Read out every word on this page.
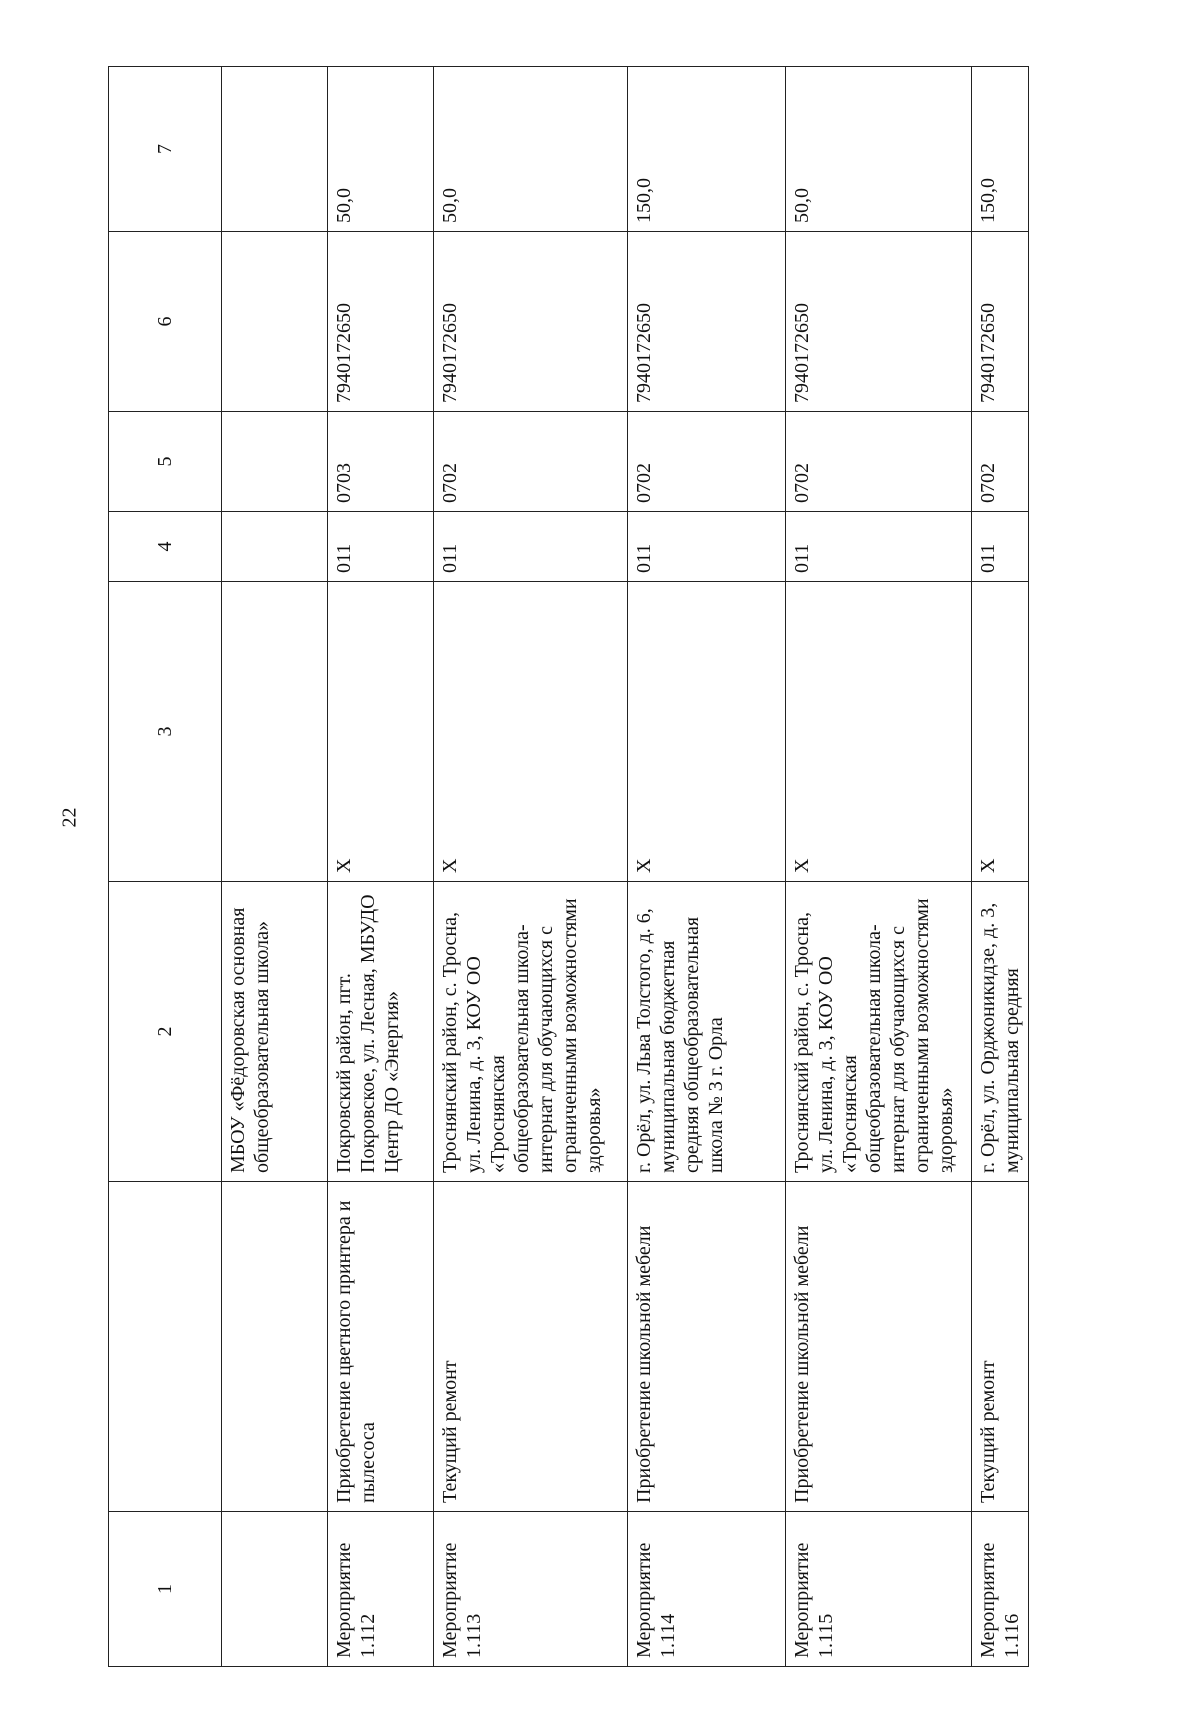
22
1		2	3	4	5	6	7
		МБОУ «Фёдоровская основная общеобразовательная школа»					
Мероприятие 1.112	Приобретение цветного принтера и пылесоса	Покровский район, пгт. Покровское, ул. Лесная, МБУДО Центр ДО «Энергия»	Х	011	0703	7940172650	50,0
Мероприятие 1.113	Текущий ремонт	Троснянский район, с. Тросна, ул. Ленина, д. 3, КОУ ОО «Троснянская общеобразовательная школа-интернат для обучающихся с ограниченными возможностями здоровья»	Х	011	0702	7940172650	50,0
Мероприятие 1.114	Приобретение школьной мебели	г. Орёл, ул. Льва Толстого, д. 6, муниципальная бюджетная средняя общеобразовательная школа № 3 г. Орла	Х	011	0702	7940172650	150,0
Мероприятие 1.115	Приобретение школьной мебели	Троснянский район, с. Тросна, ул. Ленина, д. 3, КОУ ОО «Троснянская общеобразовательная школа-интернат для обучающихся с ограниченными возможностями здоровья»	Х	011	0702	7940172650	50,0
Мероприятие 1.116	Текущий ремонт	г. Орёл, ул. Орджоникидзе, д. 3, муниципальная средняя	Х	011	0702	7940172650	150,0
